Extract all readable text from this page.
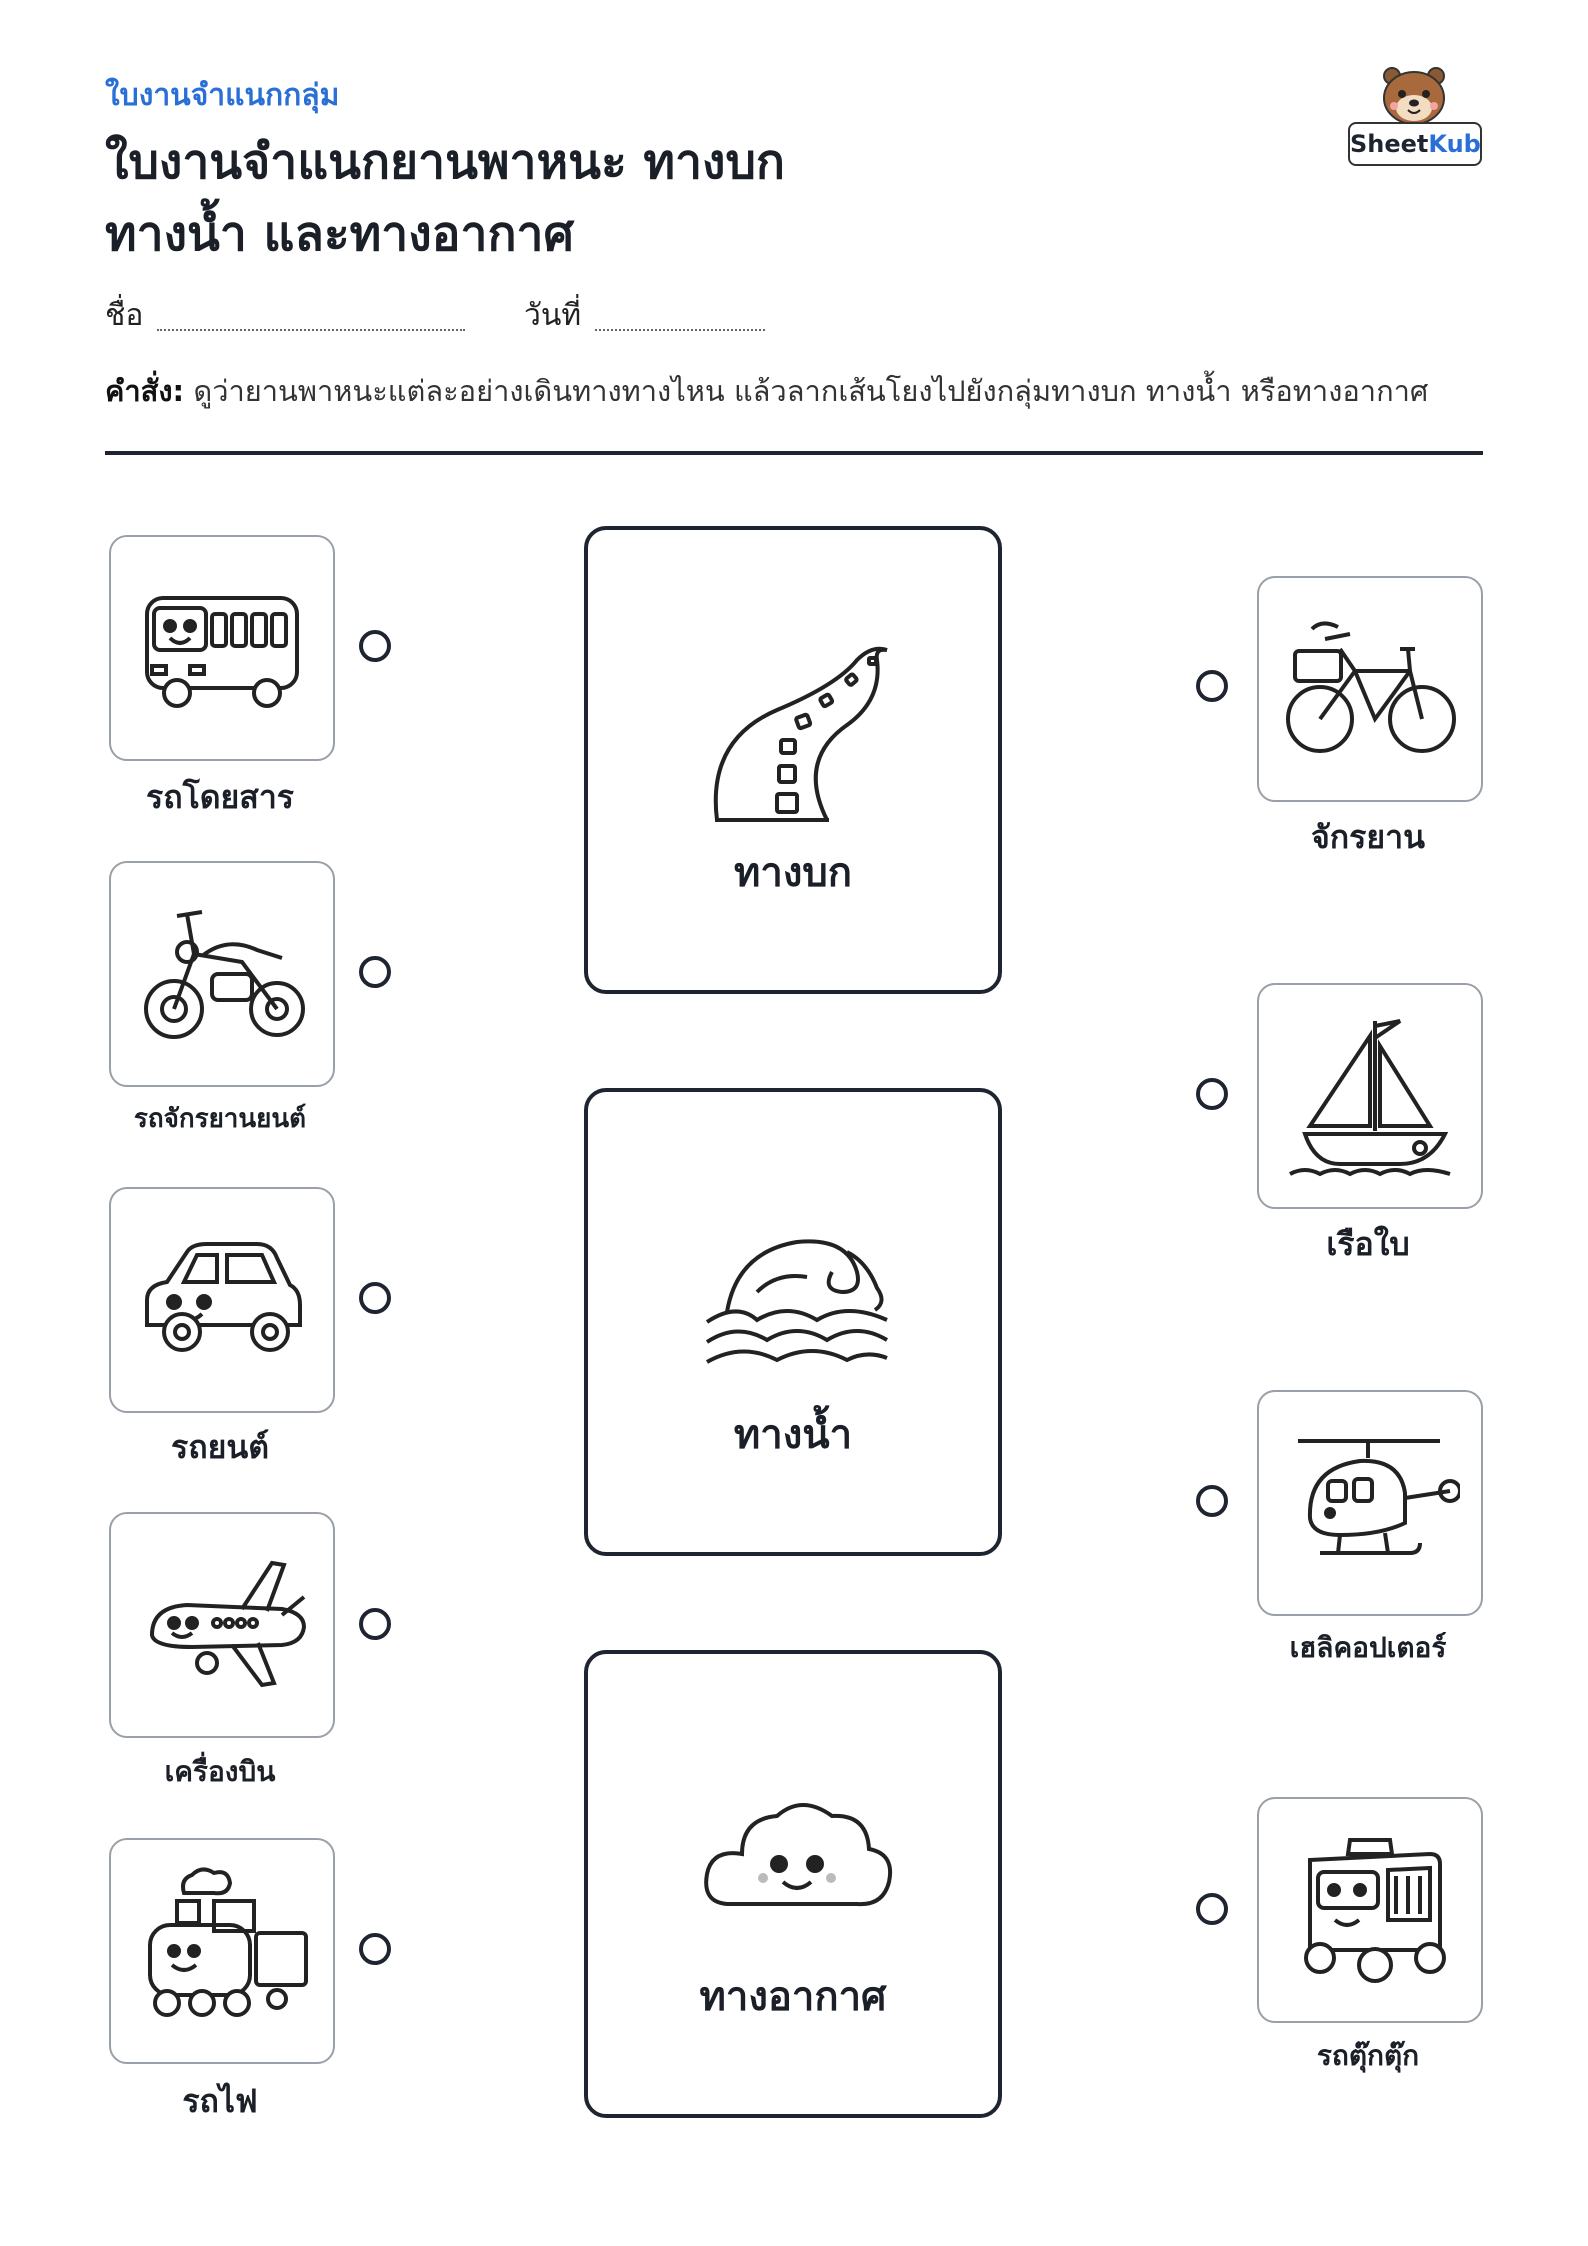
ใบงานจำแนกกลุ่ม
ใบงานจำแนกยานพาหนะ ทางบก ทางน้ำ และทางอากาศ
SheetKub
ชื่อ	วันที่
คำสั่ง: ดูว่ายานพาหนะแต่ละอย่างเดินทางทางไหน แล้วลากเส้นโยงไปยังกลุ่มทางบก ทางน้ำ หรือทางอากาศ
รถโดยสาร
รถจักรยานยนต์
รถยนต์
เครื่องบิน
รถไฟ
ทางบก
ทางน้ำ
ทางอากาศ
จักรยาน
เรือใบ
เฮลิคอปเตอร์
รถตุ๊กตุ๊ก
